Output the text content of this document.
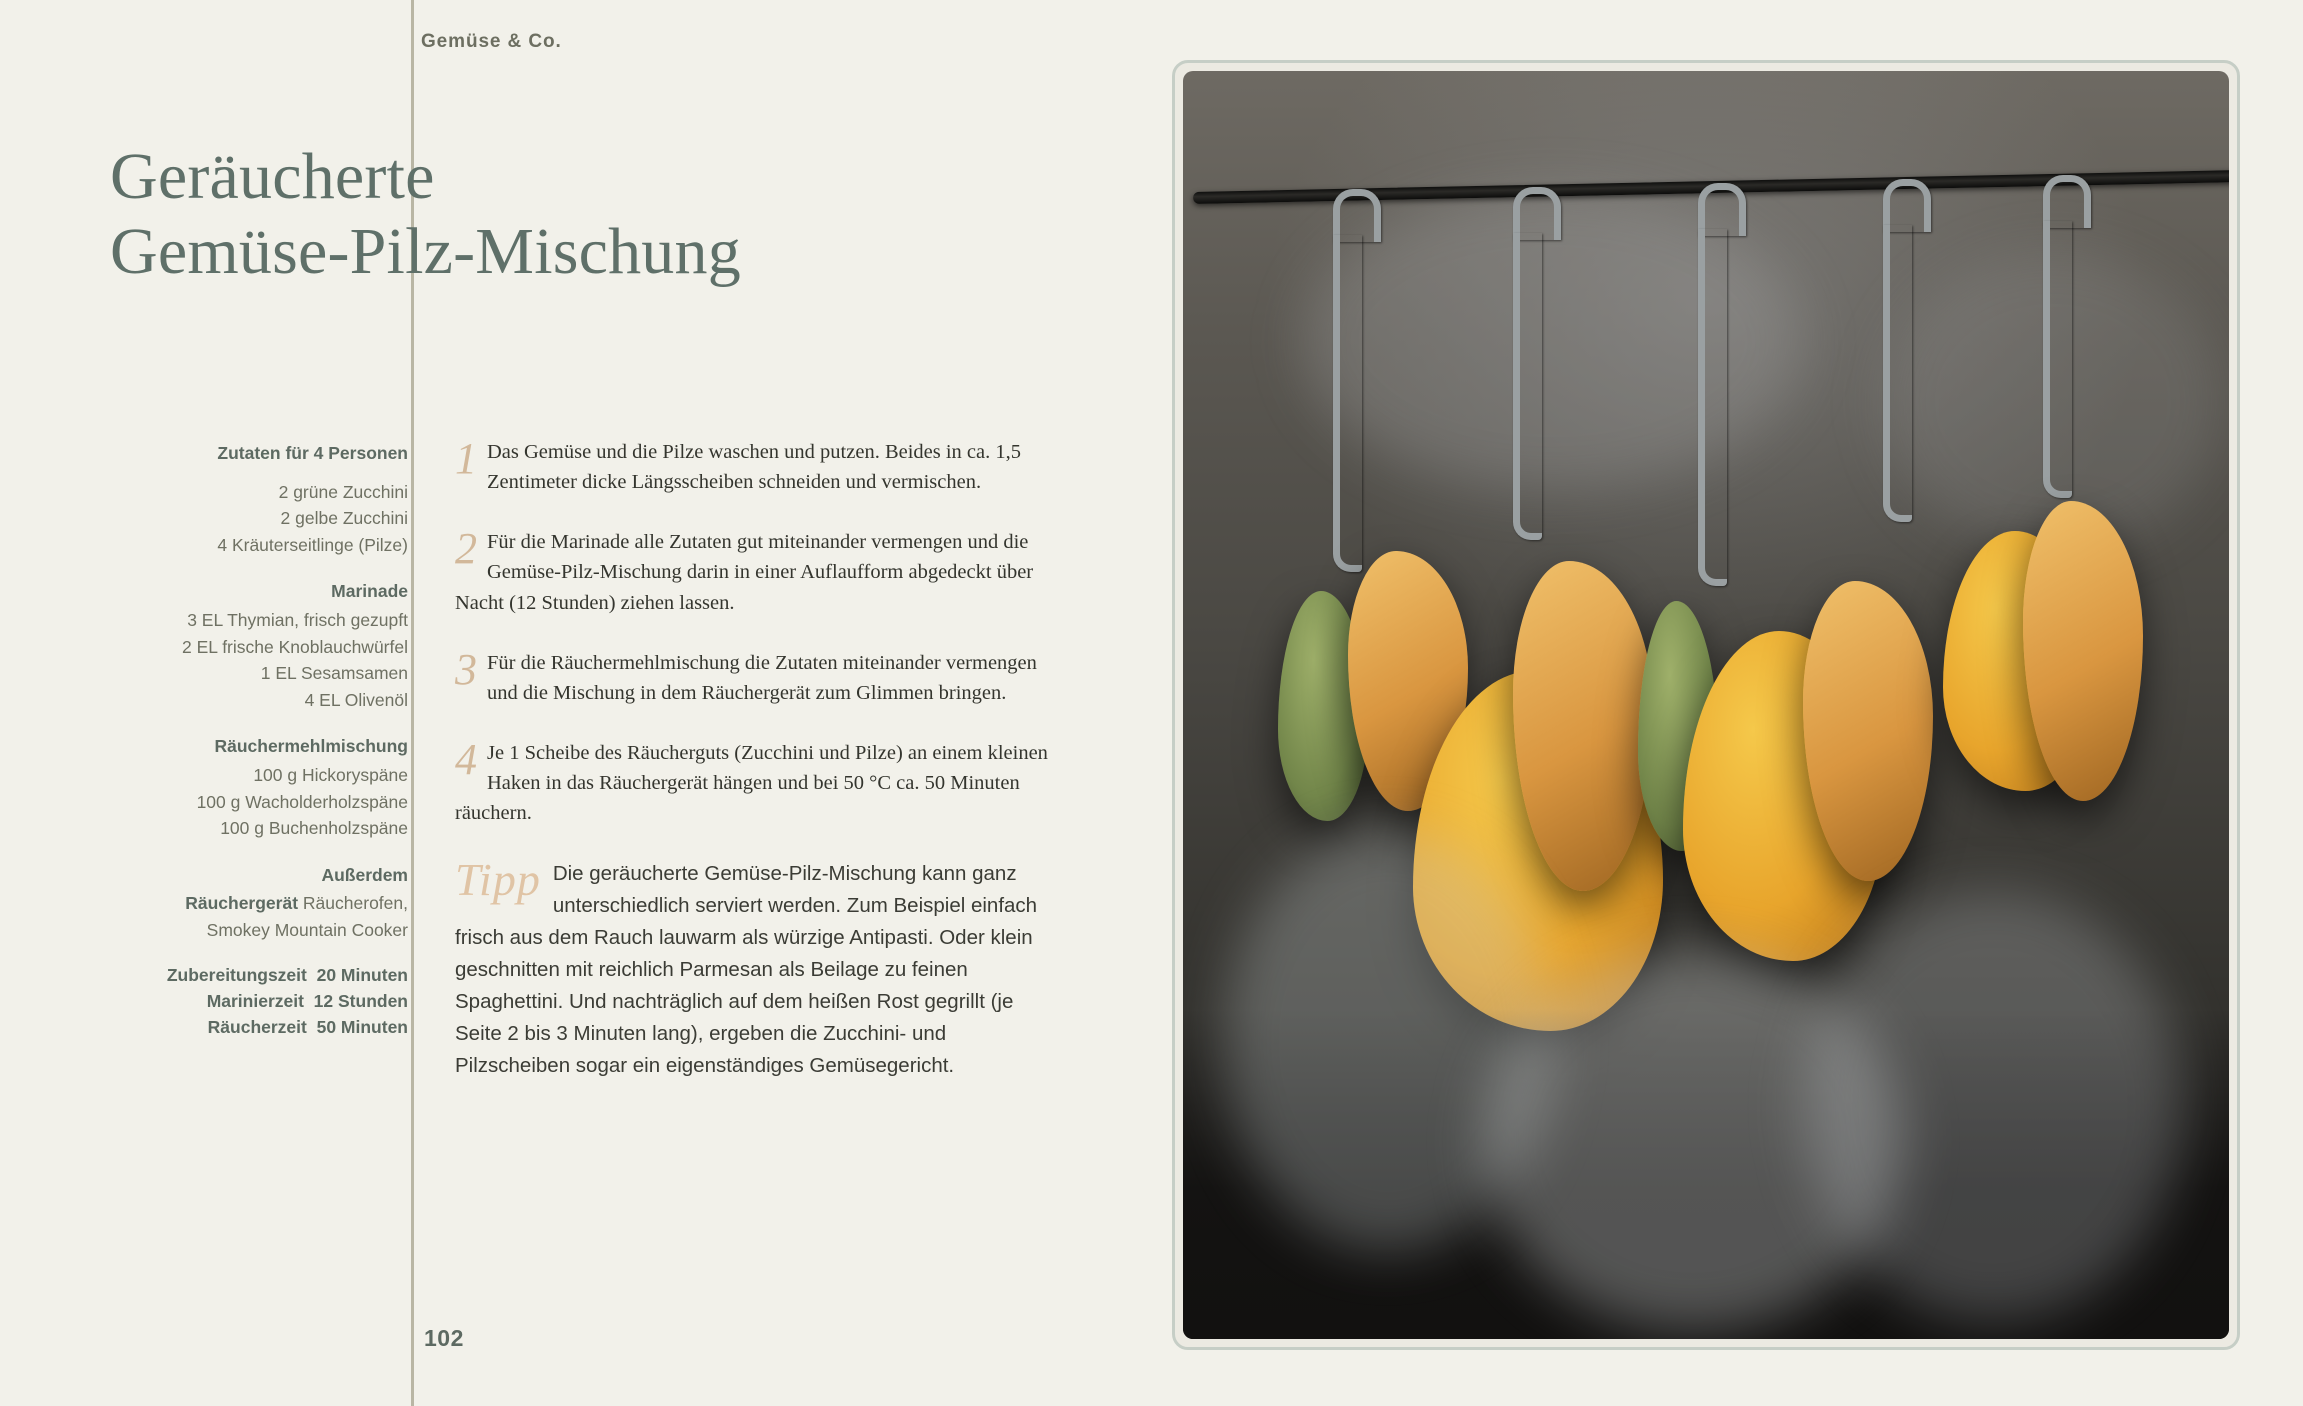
Gemüse & Co.
Geräucherte
Gemüse-Pilz-Mischung
Zutaten für 4 Personen
2 grüne Zucchini
2 gelbe Zucchini
4 Kräuterseitlinge (Pilze)
Marinade
3 EL Thymian, frisch gezupft
2 EL frische Knoblauchwürfel
1 EL Sesamsamen
4 EL Olivenöl
Räuchermehlmischung
100 g Hickoryspäne
100 g Wacholderholzspäne
100 g Buchenholzspäne
Außerdem
Räuchergerät Räucherofen,
Smokey Mountain Cooker
Zubereitungszeit 20 Minuten
Marinierzeit 12 Stunden
Räucherzeit 50 Minuten
1 Das Gemüse und die Pilze waschen und putzen. Beides in ca. 1,5 Zentimeter dicke Längsscheiben schneiden und vermischen.
2 Für die Marinade alle Zutaten gut miteinander vermengen und die Gemüse-Pilz-Mischung darin in einer Auflaufform abgedeckt über Nacht (12 Stunden) ziehen lassen.
3 Für die Räuchermehlmischung die Zutaten miteinander vermengen und die Mischung in dem Räuchergerät zum Glimmen bringen.
4 Je 1 Scheibe des Räucherguts (Zucchini und Pilze) an einem kleinen Haken in das Räuchergerät hängen und bei 50 °C ca. 50 Minuten räuchern.
Tipp Die geräucherte Gemüse-Pilz-Mischung kann ganz unterschiedlich serviert werden. Zum Beispiel einfach frisch aus dem Rauch lauwarm als würzige Antipasti. Oder klein geschnitten mit reichlich Parmesan als Beilage zu feinen Spaghettini. Und nachträglich auf dem heißen Rost gegrillt (je Seite 2 bis 3 Minuten lang), ergeben die Zucchini- und Pilzscheiben sogar ein eigenständiges Gemüsegericht.
102
